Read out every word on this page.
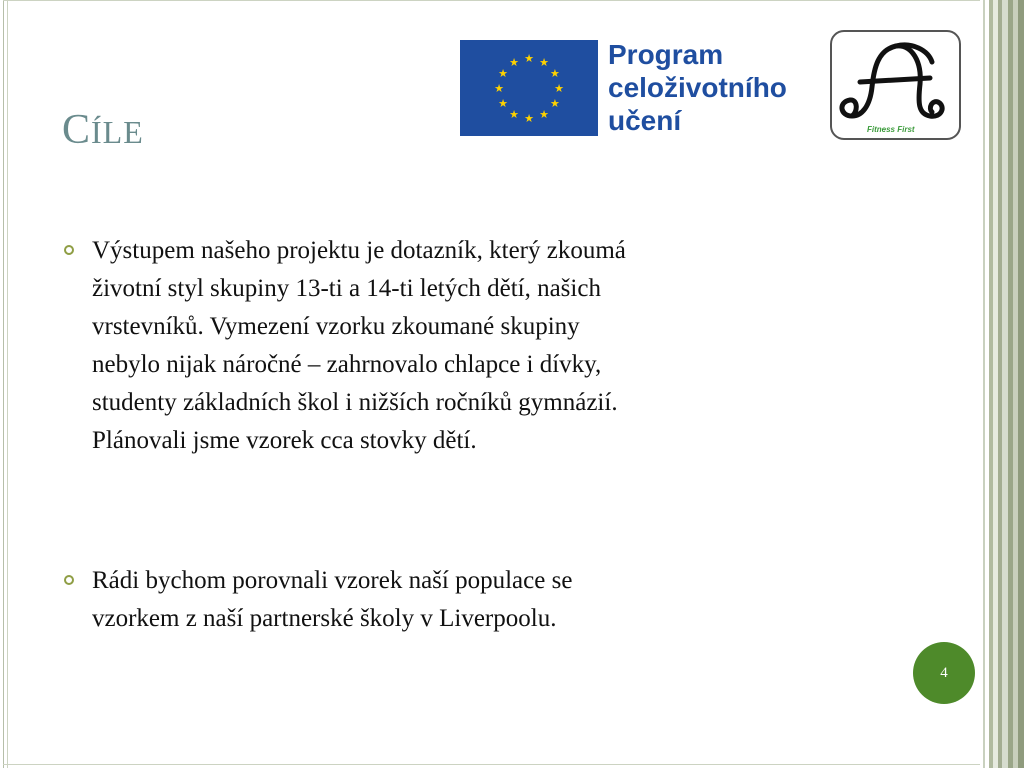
CÍLE
★ ★
★
★
★
★
★
★
★
★
★
★	Program
celoživotního
učení	Fitness First
Výstupem našeho projektu je dotazník, který zkoumá
životní styl skupiny 13-ti a 14-ti letých dětí, našich
vrstevníků. Vymezení vzorku zkoumané skupiny
nebylo nijak náročné – zahrnovalo chlapce i dívky,
studenty základních škol i nižších ročníků gymnázií.
Plánovali jsme vzorek cca stovky dětí.
Rádi bychom porovnali vzorek naší populace se
vzorkem z naší partnerské školy v Liverpoolu.
4
